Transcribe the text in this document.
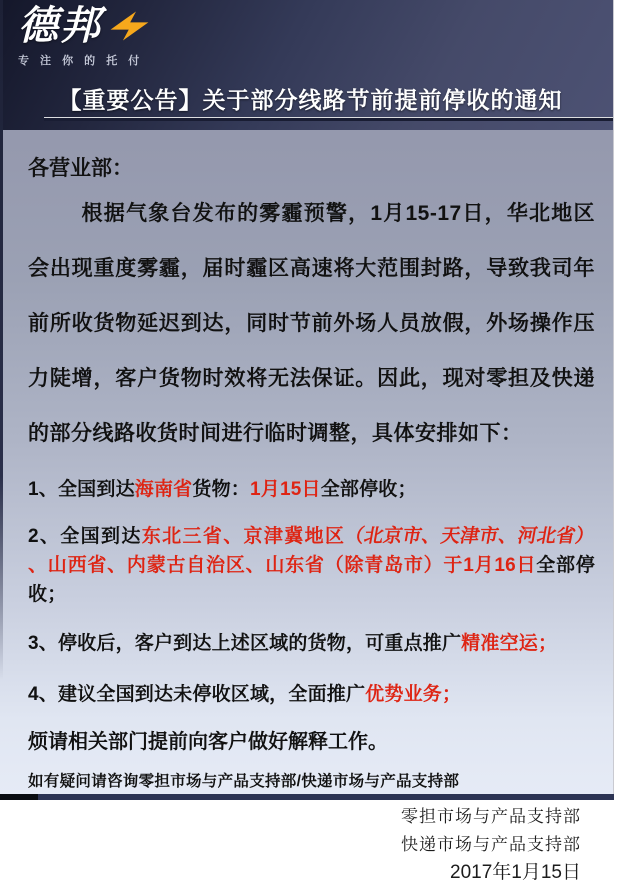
德邦
专 注 你 的 托 付
【重要公告】关于部分线路节前提前停收的通知

各营业部：

根据气象台发布的雾霾预警，1月15-17日，华北地区会出现重度雾霾，届时霾区高速将大范围封路，导致我司年前所收货物延迟到达，同时节前外场人员放假，外场操作压力陡增，客户货物时效将无法保证。因此，现对零担及快递的部分线路收货时间进行临时调整，具体安排如下：

1、全国到达海南省货物：1月15日全部停收；

2、全国到达东北三省、京津冀地区（北京市、天津市、河北省）、山西省、内蒙古自治区、山东省（除青岛市）于1月16日全部停收；

3、停收后，客户到达上述区域的货物，可重点推广精准空运；

4、建议全国到达未停收区域，全面推广优势业务；

烦请相关部门提前向客户做好解释工作。

如有疑问请咨询零担市场与产品支持部/快递市场与产品支持部

零担市场与产品支持部

快递市场与产品支持部

2017年1月15日
